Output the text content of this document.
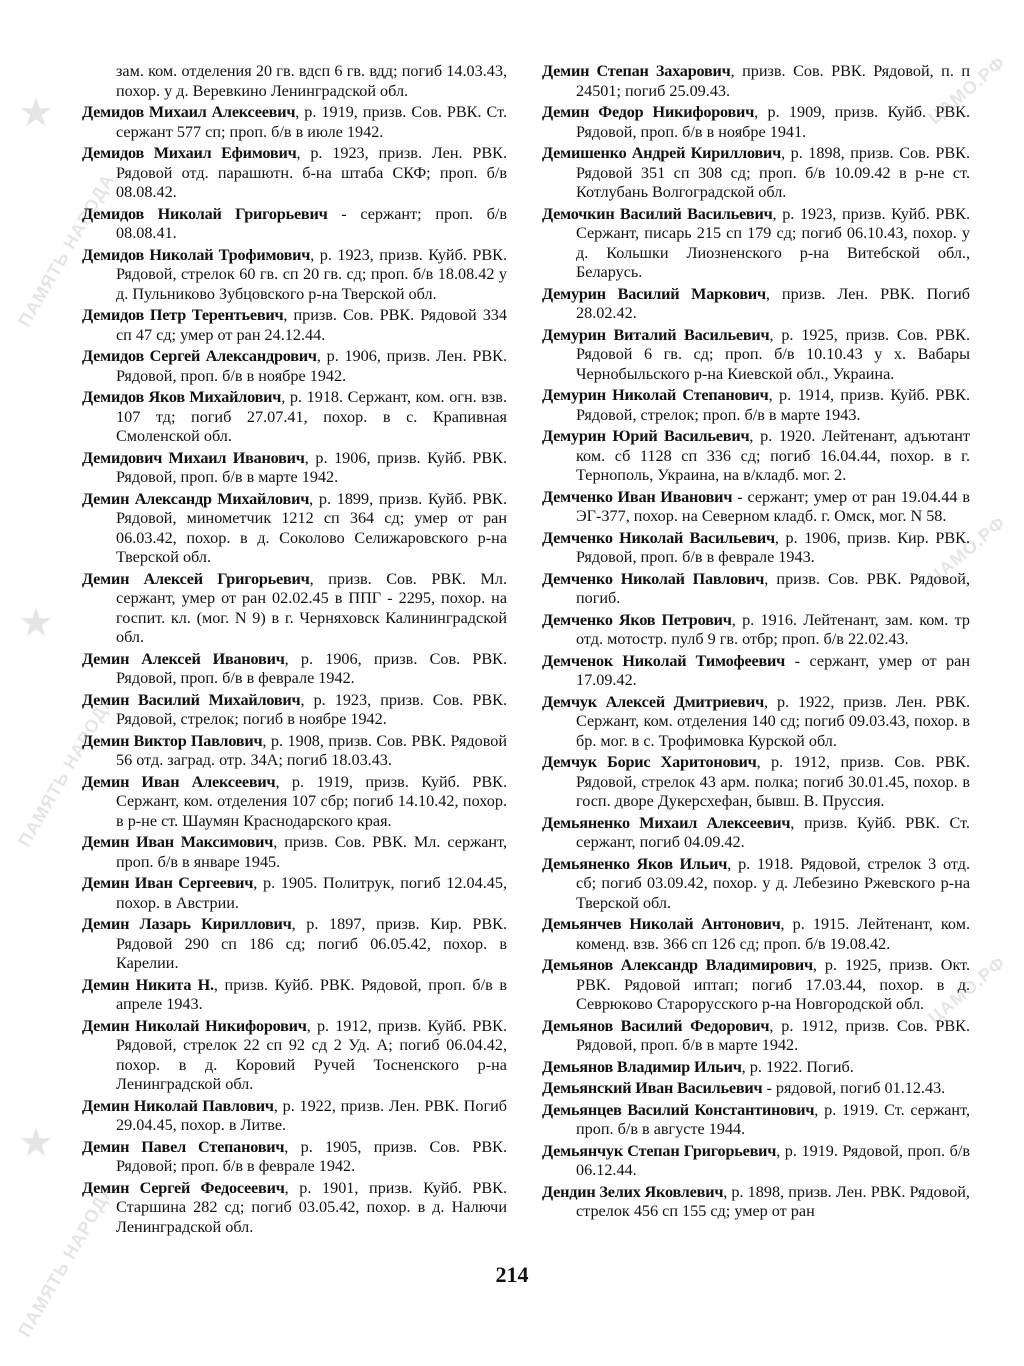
★
ПАМЯТЬ НАРОДА
★
ПАМЯТЬ НАРОДА
★
ПАМЯТЬ НАРОДА
ЦАМО.РФ
ЦАМО.РФ
ЦАМО.РФ

зам. ком. отделения 20 гв. вдсп 6 гв. вдд; погиб 14.03.43, похор. у д. Веревкино Ленинградской обл.

Демидов Михаил Алексеевич, р. 1919, призв. Сов. РВК. Ст. сержант 577 сп; проп. б/в в июле 1942.

Демидов Михаил Ефимович, р. 1923, призв. Лен. РВК. Рядовой отд. парашютн. б-на штаба СКФ; проп. б/в 08.08.42.

Демидов Николай Григорьевич - сержант; проп. б/в 08.08.41.

Демидов Николай Трофимович, р. 1923, призв. Куйб. РВК. Рядовой, стрелок 60 гв. сп 20 гв. сд; проп. б/в 18.08.42 у д. Пульниково Зубцовского р-на Тверской обл.

Демидов Петр Терентьевич, призв. Сов. РВК. Рядовой 334 сп 47 сд; умер от ран 24.12.44.

Демидов Сергей Александрович, р. 1906, призв. Лен. РВК. Рядовой, проп. б/в в ноябре 1942.

Демидов Яков Михайлович, р. 1918. Сержант, ком. огн. взв. 107 тд; погиб 27.07.41, похор. в с. Крапивная Смоленской обл.

Демидович Михаил Иванович, р. 1906, призв. Куйб. РВК. Рядовой, проп. б/в в марте 1942.

Демин Александр Михайлович, р. 1899, призв. Куйб. РВК. Рядовой, минометчик 1212 сп 364 сд; умер от ран 06.03.42, похор. в д. Соколово Селижаровского р-на Тверской обл.

Демин Алексей Григорьевич, призв. Сов. РВК. Мл. сержант, умер от ран 02.02.45 в ППГ - 2295, похор. на госпит. кл. (мог. N 9) в г. Черняховск Калининградской обл.

Демин Алексей Иванович, р. 1906, призв. Сов. РВК. Рядовой, проп. б/в в феврале 1942.

Демин Василий Михайлович, р. 1923, призв. Сов. РВК. Рядовой, стрелок; погиб в ноябре 1942.

Демин Виктор Павлович, р. 1908, призв. Сов. РВК. Рядовой 56 отд. заград. отр. 34А; погиб 18.03.43.

Демин Иван Алексеевич, р. 1919, призв. Куйб. РВК. Сержант, ком. отделения 107 сбр; погиб 14.10.42, похор. в р-не ст. Шаумян Краснодарского края.

Демин Иван Максимович, призв. Сов. РВК. Мл. сержант, проп. б/в в январе 1945.

Демин Иван Сергеевич, р. 1905. Политрук, погиб 12.04.45, похор. в Австрии.

Демин Лазарь Кириллович, р. 1897, призв. Кир. РВК. Рядовой 290 сп 186 сд; погиб 06.05.42, похор. в Карелии.

Демин Никита Н., призв. Куйб. РВК. Рядовой, проп. б/в в апреле 1943.

Демин Николай Никифорович, р. 1912, призв. Куйб. РВК. Рядовой, стрелок 22 сп 92 сд 2 Уд. А; погиб 06.04.42, похор. в д. Коровий Ручей Тосненского р-на Ленинградской обл.

Демин Николай Павлович, р. 1922, призв. Лен. РВК. Погиб 29.04.45, похор. в Литве.

Демин Павел Степанович, р. 1905, призв. Сов. РВК. Рядовой; проп. б/в в феврале 1942.

Демин Сергей Федосеевич, р. 1901, призв. Куйб. РВК. Старшина 282 сд; погиб 03.05.42, похор. в д. Налючи Ленинградской обл.

Демин Степан Захарович, призв. Сов. РВК. Рядовой, п. п 24501; погиб 25.09.43.

Демин Федор Никифорович, р. 1909, призв. Куйб. РВК. Рядовой, проп. б/в в ноябре 1941.

Демишенко Андрей Кириллович, р. 1898, призв. Сов. РВК. Рядовой 351 сп 308 сд; проп. б/в 10.09.42 в р-не ст. Котлубань Волгоградской обл.

Демочкин Василий Васильевич, р. 1923, призв. Куйб. РВК. Сержант, писарь 215 сп 179 сд; погиб 06.10.43, похор. у д. Кольшки Лиозненского р-на Витебской обл., Беларусь.

Демурин Василий Маркович, призв. Лен. РВК. Погиб 28.02.42.

Демурин Виталий Васильевич, р. 1925, призв. Сов. РВК. Рядовой 6 гв. сд; проп. б/в 10.10.43 у х. Вабары Чернобыльского р-на Киевской обл., Украина.

Демурин Николай Степанович, р. 1914, призв. Куйб. РВК. Рядовой, стрелок; проп. б/в в марте 1943.

Демурин Юрий Васильевич, р. 1920. Лейтенант, адъютант ком. сб 1128 сп 336 сд; погиб 16.04.44, похор. в г. Тернополь, Украина, на в/кладб. мог. 2.

Демченко Иван Иванович - сержант; умер от ран 19.04.44 в ЭГ-377, похор. на Северном кладб. г. Омск, мог. N 58.

Демченко Николай Васильевич, р. 1906, призв. Кир. РВК. Рядовой, проп. б/в в феврале 1943.

Демченко Николай Павлович, призв. Сов. РВК. Рядовой, погиб.

Демченко Яков Петрович, р. 1916. Лейтенант, зам. ком. тр отд. мотостр. пулб 9 гв. отбр; проп. б/в 22.02.43.

Демченок Николай Тимофеевич - сержант, умер от ран 17.09.42.

Демчук Алексей Дмитриевич, р. 1922, призв. Лен. РВК. Сержант, ком. отделения 140 сд; погиб 09.03.43, похор. в бр. мог. в с. Трофимовка Курской обл.

Демчук Борис Харитонович, р. 1912, призв. Сов. РВК. Рядовой, стрелок 43 арм. полка; погиб 30.01.45, похор. в госп. дворе Дукерсхефан, бывш. В. Пруссия.

Демьяненко Михаил Алексеевич, призв. Куйб. РВК. Ст. сержант, погиб 04.09.42.

Демьяненко Яков Ильич, р. 1918. Рядовой, стрелок 3 отд. сб; погиб 03.09.42, похор. у д. Лебезино Ржевского р-на Тверской обл.

Демьянчев Николай Антонович, р. 1915. Лейтенант, ком. коменд. взв. 366 сп 126 сд; проп. б/в 19.08.42.

Демьянов Александр Владимирович, р. 1925, призв. Окт. РВК. Рядовой иптап; погиб 17.03.44, похор. в д. Севрюково Старорусского р-на Новгородской обл.

Демьянов Василий Федорович, р. 1912, призв. Сов. РВК. Рядовой, проп. б/в в марте 1942.

Демьянов Владимир Ильич, р. 1922. Погиб.

Демьянский Иван Васильевич - рядовой, погиб 01.12.43.

Демьянцев Василий Константинович, р. 1919. Ст. сержант, проп. б/в в августе 1944.

Демьянчук Степан Григорьевич, р. 1919. Рядовой, проп. б/в 06.12.44.

Дендин Зелих Яковлевич, р. 1898, призв. Лен. РВК. Рядовой, стрелок 456 сп 155 сд; умер от ран

214
